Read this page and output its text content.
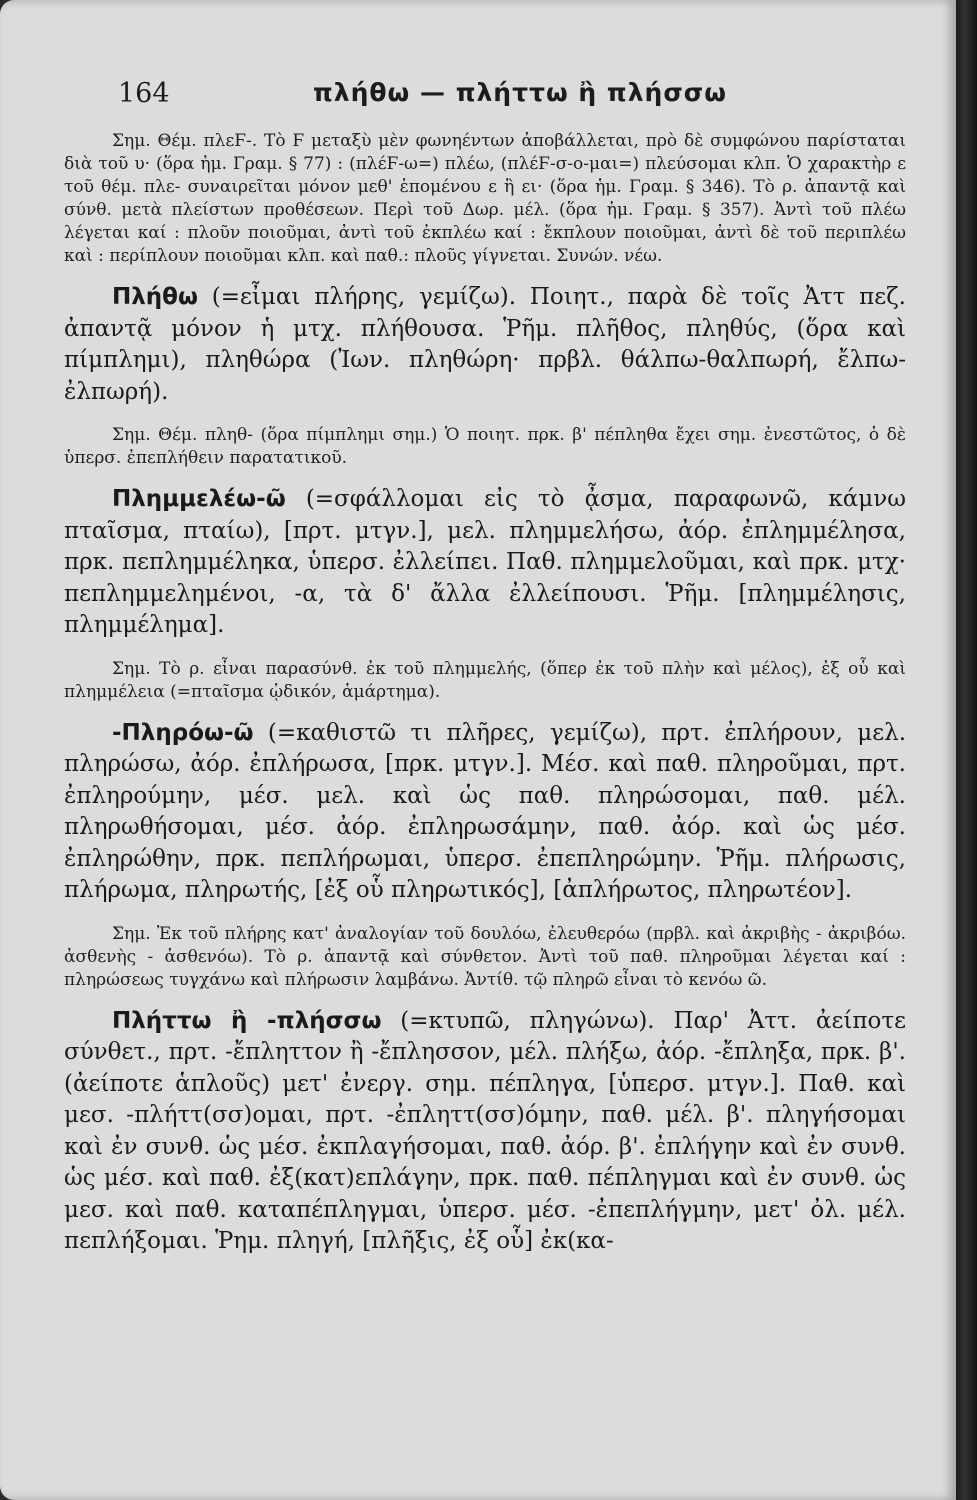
164	πλήθω — πλήττω ἢ πλήσσω

Σημ. Θέμ. πλεϜ-. Τὸ Ϝ μεταξὺ μὲν φωνηέντων ἀποβάλλεται, πρὸ δὲ συμφώνου παρίσταται διὰ τοῦ υ· (ὅρα ἡμ. Γραμ. § 77) : (πλέϜ-ω=) πλέω, (πλέϜ-σ-ο-μαι=) πλεύσομαι κλπ. Ὁ χαρακτὴρ ε τοῦ θέμ. πλε- συναιρεῖται μόνον μεθ' ἑπομένου ε ἢ ει· (ὅρα ἡμ. Γραμ. § 346). Τὸ ρ. ἀπαντᾷ καὶ σύνθ. μετὰ πλείστων προθέσεων. Περὶ τοῦ Δωρ. μέλ. (ὅρα ἡμ. Γραμ. § 357). Ἀντὶ τοῦ πλέω λέγεται καί : πλοῦν ποιοῦμαι, ἀντὶ τοῦ ἐκπλέω καί : ἔκπλουν ποιοῦμαι, ἀντὶ δὲ τοῦ περιπλέω καὶ : περίπλουν ποιοῦμαι κλπ. καὶ παθ.: πλοῦς γίγνεται. Συνών. νέω.

Πλήθω (=εἶμαι πλήρης, γεμίζω). Ποιητ., παρὰ δὲ τοῖς Ἀττ πεζ. ἀπαντᾷ μόνον ἡ μτχ. πλήθουσα. Ῥῆμ. πλῆθος, πληθύς, (ὅρα καὶ πίμπλημι), πληθώρα (Ἰων. πληθώρη· πρβλ. θάλπω-θαλπωρή, ἔλπω-ἐλπωρή).

Σημ. Θέμ. πληθ- (ὅρα πίμπλημι σημ.) Ὁ ποιητ. πρκ. β' πέπληθα ἔχει σημ. ἐνεστῶτος, ὁ δὲ ὑπερσ. ἐπεπλήθειν παρατατικοῦ.

Πλημμελέω-ῶ (=σφάλλομαι εἰς τὸ ᾆσμα, παραφωνῶ, κάμνω πταῖσμα, πταίω), [πρτ. μτγν.], μελ. πλημμελήσω, ἀόρ. ἐπλημμέλησα, πρκ. πεπλημμέληκα, ὑπερσ. ἐλλείπει. Παθ. πλημμελοῦμαι, καὶ πρκ. μτχ· πεπλημμελημένοι, -α, τὰ δ' ἄλλα ἐλλείπουσι. Ῥῆμ. [πλημμέλησις, πλημμέλημα].

Σημ. Τὸ ρ. εἶναι παρασύνθ. ἐκ τοῦ πλημμελής, (ὅπερ ἐκ τοῦ πλὴν καὶ μέλος), ἐξ οὗ καὶ πλημμέλεια (=πταῖσμα ᾠδικόν, ἁμάρτημα).

-Πληρόω-ῶ (=καθιστῶ τι πλῆρες, γεμίζω), πρτ. ἐπλήρουν, μελ. πληρώσω, ἀόρ. ἐπλήρωσα, [πρκ. μτγν.]. Μέσ. καὶ παθ. πληροῦμαι, πρτ. ἐπληρούμην, μέσ. μελ. καὶ ὡς παθ. πληρώσομαι, παθ. μέλ. πληρωθήσομαι, μέσ. ἀόρ. ἐπληρωσάμην, παθ. ἀόρ. καὶ ὡς μέσ. ἐπληρώθην, πρκ. πεπλήρωμαι, ὑπερσ. ἐπεπληρώμην. Ῥῆμ. πλήρωσις, πλήρωμα, πληρωτής, [ἐξ οὗ πληρωτικός], [ἀπλήρωτος, πληρωτέον].

Σημ. Ἐκ τοῦ πλήρης κατ' ἀναλογίαν τοῦ δουλόω, ἐλευθερόω (πρβλ. καὶ ἀκριβὴς - ἀκριβόω. ἀσθενὴς - ἀσθενόω). Τὸ ρ. ἀπαντᾷ καὶ σύνθετον. Ἀντὶ τοῦ παθ. πληροῦμαι λέγεται καί : πληρώσεως τυγχάνω καὶ πλήρωσιν λαμβάνω. Ἀντίθ. τῷ πληρῶ εἶναι τὸ κενόω ῶ.

Πλήττω ἢ -πλήσσω (=κτυπῶ, πληγώνω). Παρ' Ἀττ. ἀείποτε σύνθετ., πρτ. -ἔπληττον ἢ -ἔπλησσον, μέλ. πλήξω, ἀόρ. -ἔπληξα, πρκ. β'. (ἀείποτε ἁπλοῦς) μετ' ἐνεργ. σημ. πέπληγα, [ὑπερσ. μτγν.]. Παθ. καὶ μεσ. -πλήττ(σσ)ομαι, πρτ. -ἐπληττ(σσ)όμην, παθ. μέλ. β'. πληγήσομαι καὶ ἐν συνθ. ὡς μέσ. ἐκπλαγήσομαι, παθ. ἀόρ. β'. ἐπλήγην καὶ ἐν συνθ. ὡς μέσ. καὶ παθ. ἐξ(κατ)επλάγην, πρκ. παθ. πέπληγμαι καὶ ἐν συνθ. ὡς μεσ. καὶ παθ. καταπέπληγμαι, ὑπερσ. μέσ. -ἐπεπλήγμην, μετ' ὀλ. μέλ. πεπλήξομαι. Ῥημ. πληγή, [πλῆξις, ἐξ οὗ] ἐκ(κα-
